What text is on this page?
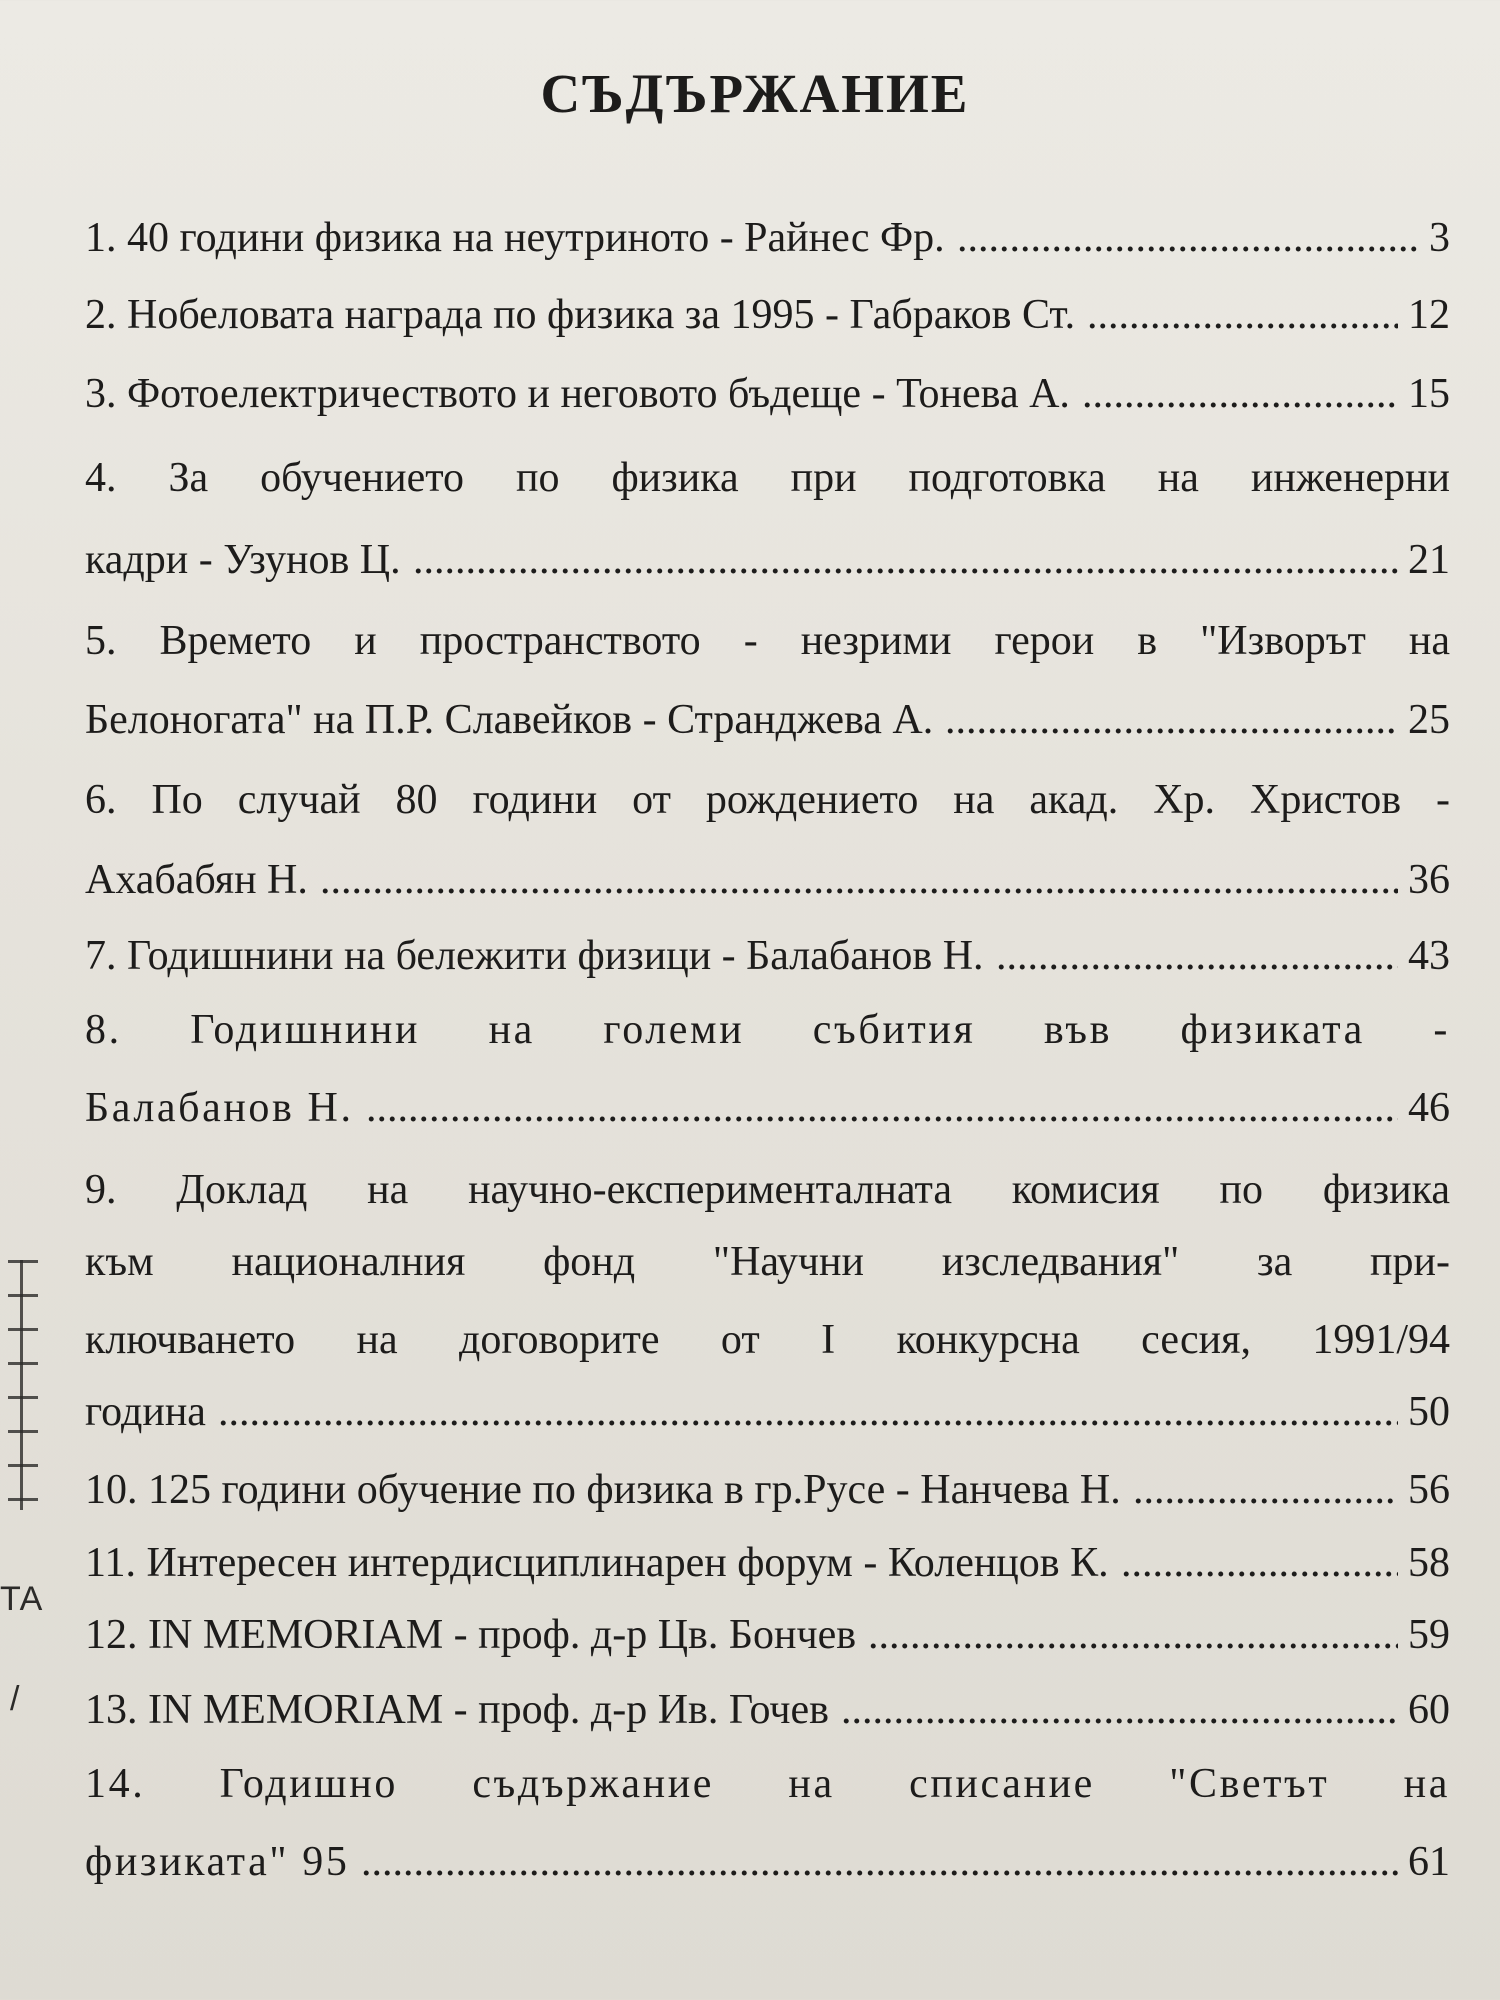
СЪДЪРЖАНИЕ
1. 40 години физика на неутриното - Райнес Фр. .....	3
2. Нобеловата награда по физика за 1995 - Габраков Ст. .....	12
3. Фотоелектричеството и неговото бъдеще - Тонева А. .....	15
4. За обучението по физика при подготовка на инженерни
кадри - Узунов Ц. .....	21
5. Времето и пространството - незрими герои в "Изворът на
Белоногата" на П.Р. Славейков - Странджева А. .....	25
6. По случай 80 години от рождението на акад. Хр. Христов -
Ахабабян Н. .....	36
7. Годишнини на бележити физици - Балабанов Н. .....	43
8. Годишнини на големи събития във физиката -
Балабанов Н. .....	46
9. Доклад на научно-експерименталната комисия по физика
към националния фонд "Научни изследвания" за при-
ключването на договорите от I конкурсна сесия, 1991/94
година .....	50
10. 125 години обучение по физика в гр.Русе - Нанчева Н. .....	56
11. Интересен интердисциплинарен форум - Коленцов К. .....	58
12. IN MEMORIAM - проф. д-р Цв. Бончев .....	59
13. IN MEMORIAM - проф. д-р Ив. Гочев .....	60
14. Годишно съдържание на списание "Светът на
физиката" 95 .....	61
ТА
/
